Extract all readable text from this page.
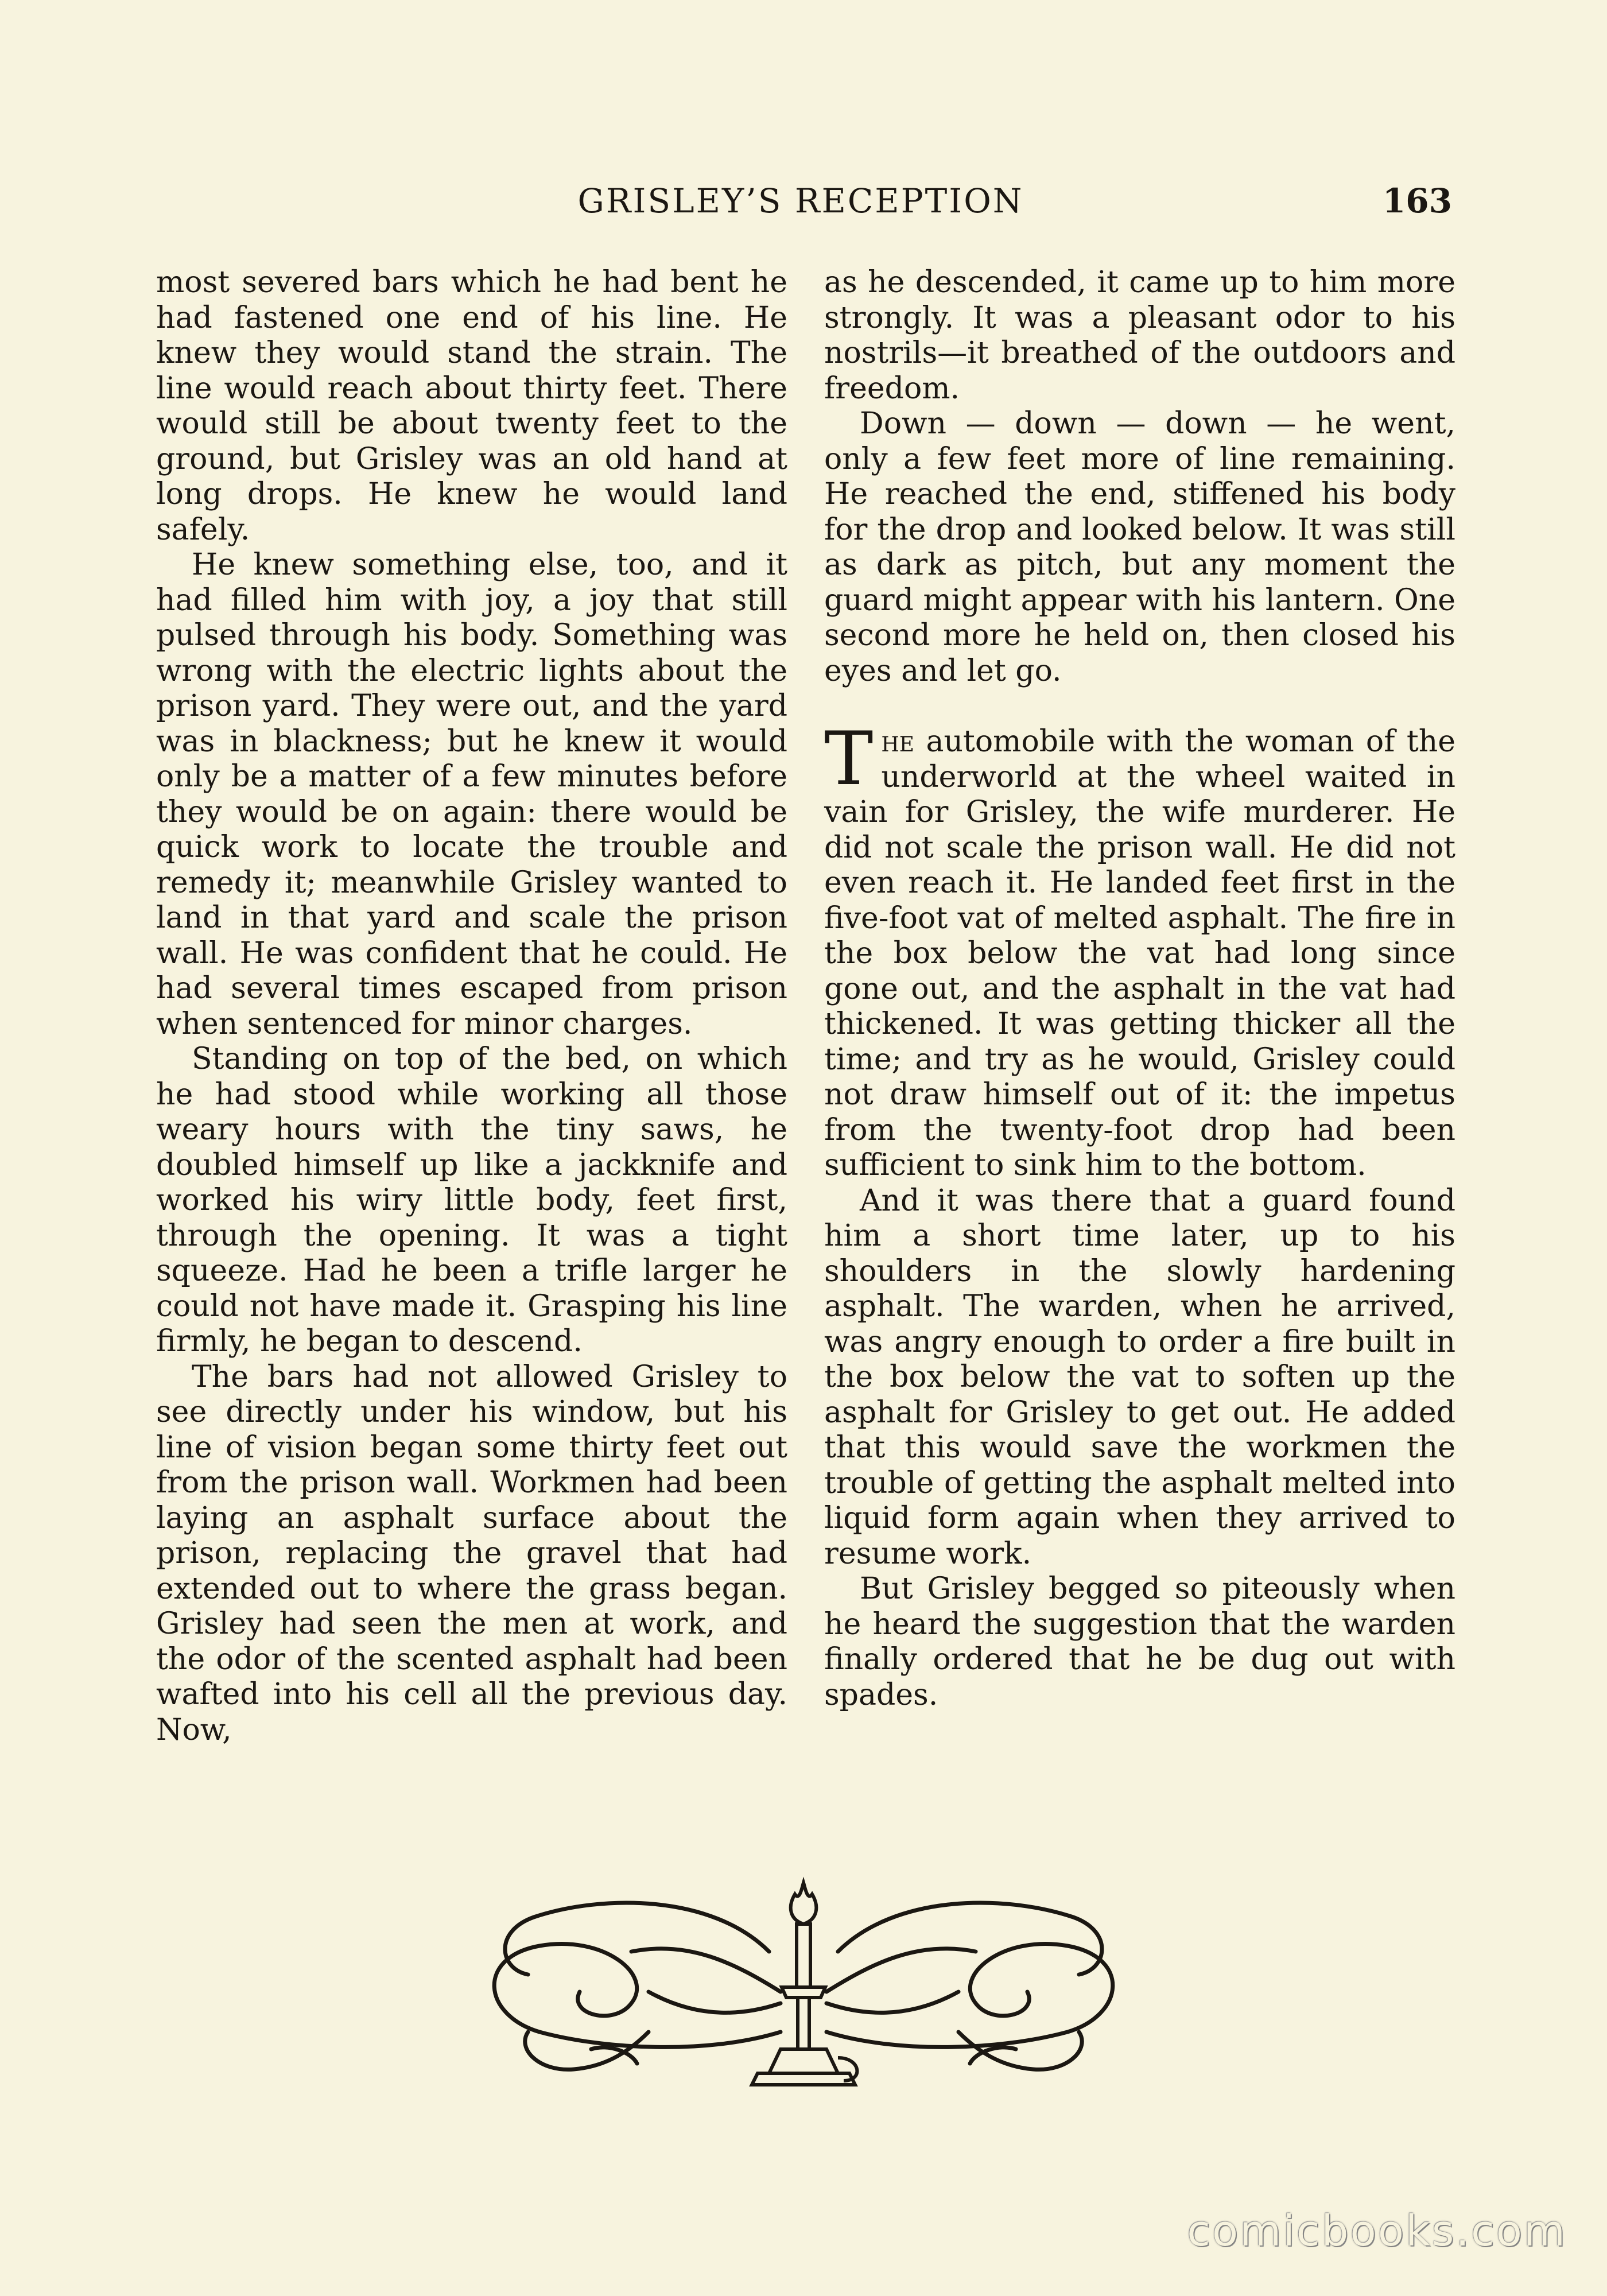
GRISLEY’S RECEPTION	163

most severed bars which he had bent he had fastened one end of his line. He knew they would stand the strain. The line would reach about thirty feet. There would still be about twenty feet to the ground, but Grisley was an old hand at long drops. He knew he would land safely.

He knew something else, too, and it had filled him with joy, a joy that still pulsed through his body. Something was wrong with the electric lights about the prison yard. They were out, and the yard was in blackness; but he knew it would only be a matter of a few minutes before they would be on again: there would be quick work to locate the trouble and remedy it; meanwhile Grisley wanted to land in that yard and scale the prison wall. He was confident that he could. He had several times escaped from prison when sentenced for minor charges.

Standing on top of the bed, on which he had stood while working all those weary hours with the tiny saws, he doubled himself up like a jackknife and worked his wiry little body, feet first, through the opening. It was a tight squeeze. Had he been a trifle larger he could not have made it. Grasping his line firmly, he began to descend.

The bars had not allowed Grisley to see directly under his window, but his line of vision began some thirty feet out from the prison wall. Workmen had been laying an asphalt surface about the prison, replacing the gravel that had extended out to where the grass began. Grisley had seen the men at work, and the odor of the scented asphalt had been wafted into his cell all the previous day. Now,

as he descended, it came up to him more strongly. It was a pleasant odor to his nostrils—it breathed of the outdoors and freedom.

Down — down — down — he went, only a few feet more of line remaining. He reached the end, stiffened his body for the drop and looked below. It was still as dark as pitch, but any moment the guard might appear with his lantern. One second more he held on, then closed his eyes and let go.

The automobile with the woman of the underworld at the wheel waited in vain for Grisley, the wife murderer. He did not scale the prison wall. He did not even reach it. He landed feet first in the five-foot vat of melted asphalt. The fire in the box below the vat had long since gone out, and the asphalt in the vat had thickened. It was getting thicker all the time; and try as he would, Grisley could not draw himself out of it: the impetus from the twenty-foot drop had been sufficient to sink him to the bottom.

And it was there that a guard found him a short time later, up to his shoulders in the slowly hardening asphalt. The warden, when he arrived, was angry enough to order a fire built in the box below the vat to soften up the asphalt for Grisley to get out. He added that this would save the workmen the trouble of getting the asphalt melted into liquid form again when they arrived to resume work.

But Grisley begged so piteously when he heard the suggestion that the warden finally ordered that he be dug out with spades.

comicbooks.com
